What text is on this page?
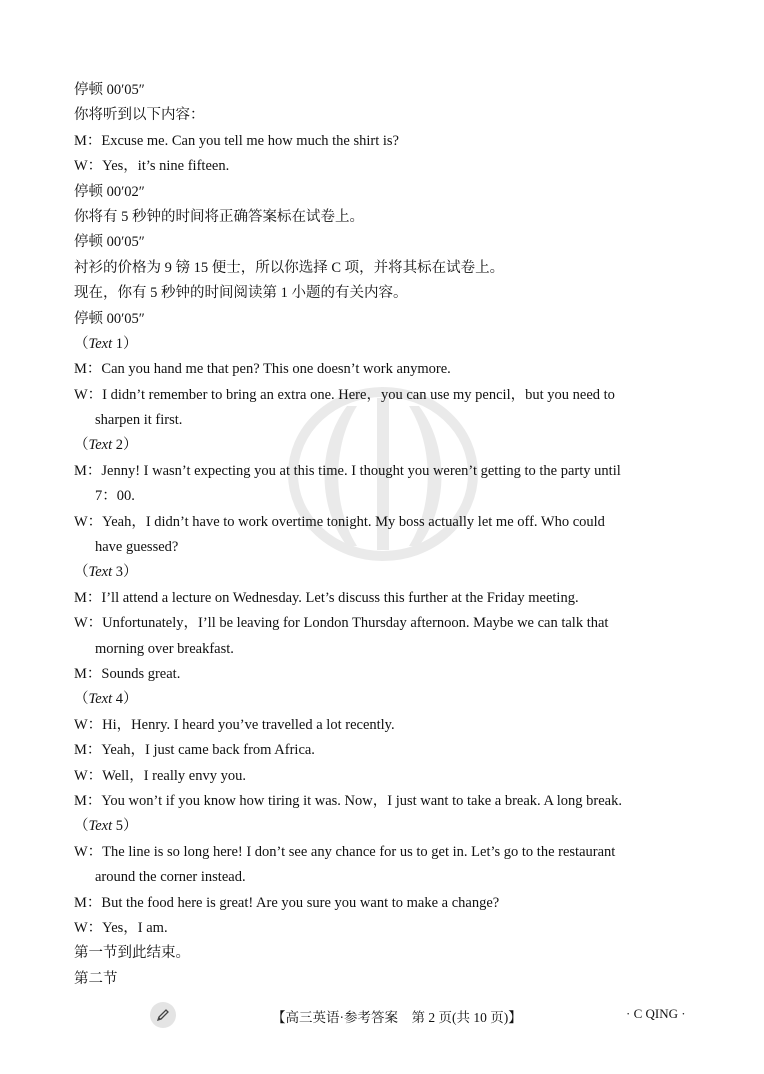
停顿 00′05″
你将听到以下内容：
M：Excuse me. Can you tell me how much the shirt is?
W：Yes，it’s nine fifteen.
停顿 00′02″
你将有 5 秒钟的时间将正确答案标在试卷上。
停顿 00′05″
衬衫的价格为 9 镑 15 便士，所以你选择 C 项，并将其标在试卷上。
现在，你有 5 秒钟的时间阅读第 1 小题的有关内容。
停顿 00′05″
（Text 1）
M：Can you hand me that pen? This one doesn’t work anymore.
W：I didn’t remember to bring an extra one. Here，you can use my pencil，but you need to
sharpen it first.
（Text 2）
M：Jenny! I wasn’t expecting you at this time. I thought you weren’t getting to the party until
7：00.
W：Yeah，I didn’t have to work overtime tonight. My boss actually let me off. Who could
have guessed?
（Text 3）
M：I’ll attend a lecture on Wednesday. Let’s discuss this further at the Friday meeting.
W：Unfortunately，I’ll be leaving for London Thursday afternoon. Maybe we can talk that
morning over breakfast.
M：Sounds great.
（Text 4）
W：Hi，Henry. I heard you’ve travelled a lot recently.
M：Yeah，I just came back from Africa.
W：Well，I really envy you.
M：You won’t if you know how tiring it was. Now，I just want to take a break. A long break.
（Text 5）
W：The line is so long here! I don’t see any chance for us to get in. Let’s go to the restaurant
around the corner instead.
M：But the food here is great! Are you sure you want to make a change?
W：Yes，I am.
第一节到此结束。
第二节
【高三英语·参考答案　第 2 页(共 10 页)】	· C QING ·
